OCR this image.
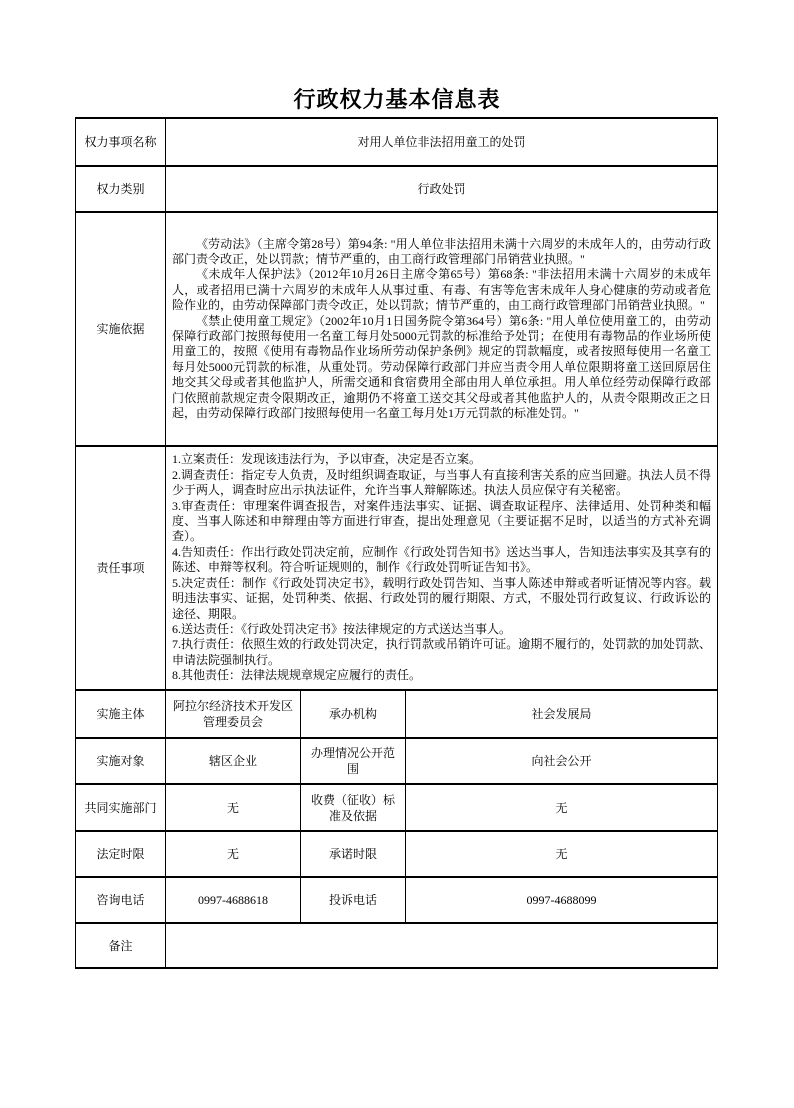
行政权力基本信息表
权力事项名称	对用人单位非法招用童工的处罚		
权力类别	行政处罚		
实施依据	《劳动法》（主席令第28号）第94条: "用人单位非法招用未满十六周岁的未成年人的，由劳动行政部门责令改正，处以罚款；情节严重的，由工商行政管理部门吊销营业执照。"

《未成年人保护法》（2012年10月26日主席令第65号）第68条: "非法招用未满十六周岁的未成年人，或者招用已满十六周岁的未成年人从事过重、有毒、有害等危害未成年人身心健康的劳动或者危险作业的，由劳动保障部门责令改正，处以罚款；情节严重的，由工商行政管理部门吊销营业执照。"

《禁止使用童工规定》（2002年10月1日国务院令第364号）第6条: "用人单位使用童工的，由劳动保障行政部门按照每使用一名童工每月处5000元罚款的标准给予处罚；在使用有毒物品的作业场所使用童工的，按照《使用有毒物品作业场所劳动保护条例》规定的罚款幅度，或者按照每使用一名童工每月处5000元罚款的标准，从重处罚。劳动保障行政部门并应当责令用人单位限期将童工送回原居住地交其父母或者其他监护人，所需交通和食宿费用全部由用人单位承担。用人单位经劳动保障行政部门依照前款规定责令限期改正，逾期仍不将童工送交其父母或者其他监护人的，从责令限期改正之日起，由劳动保障行政部门按照每使用一名童工每月处1万元罚款的标准处罚。"		

责任事项	
1.立案责任：发现该违法行为，予以审查，决定是否立案。
2.调查责任：指定专人负责，及时组织调查取证，与当事人有直接利害关系的应当回避。执法人员不得少于两人，调查时应出示执法证件，允许当事人辩解陈述。执法人员应保守有关秘密。
3.审查责任：审理案件调查报告，对案件违法事实、证据、调查取证程序、法律适用、处罚种类和幅度、当事人陈述和申辩理由等方面进行审查，提出处理意见（主要证据不足时，以适当的方式补充调查）。
4.告知责任：作出行政处罚决定前，应制作《行政处罚告知书》送达当事人，告知违法事实及其享有的陈述、申辩等权利。符合听证规则的，制作《行政处罚听证告知书》。
5.决定责任：制作《行政处罚决定书》，载明行政处罚告知、当事人陈述申辩或者听证情况等内容。载明违法事实、证据，处罚种类、依据、行政处罚的履行期限、方式，不服处罚行政复议、行政诉讼的途径、期限。
6.送达责任：《行政处罚决定书》按法律规定的方式送达当事人。
7.执行责任：依照生效的行政处罚决定，执行罚款或吊销许可证。逾期不履行的，处罚款的加处罚款、申请法院强制执行。
8.其他责任：法律法规规章规定应履行的责任。

实施主体	阿拉尔经济技术开发区管理委员会	承办机构	社会发展局
实施对象	辖区企业	办理情况公开范围	向社会公开
共同实施部门	无	收费（征收）标准及依据	无
法定时限	无	承诺时限	无
咨询电话	0997-4688618	投诉电话	0997-4688099
备注			
